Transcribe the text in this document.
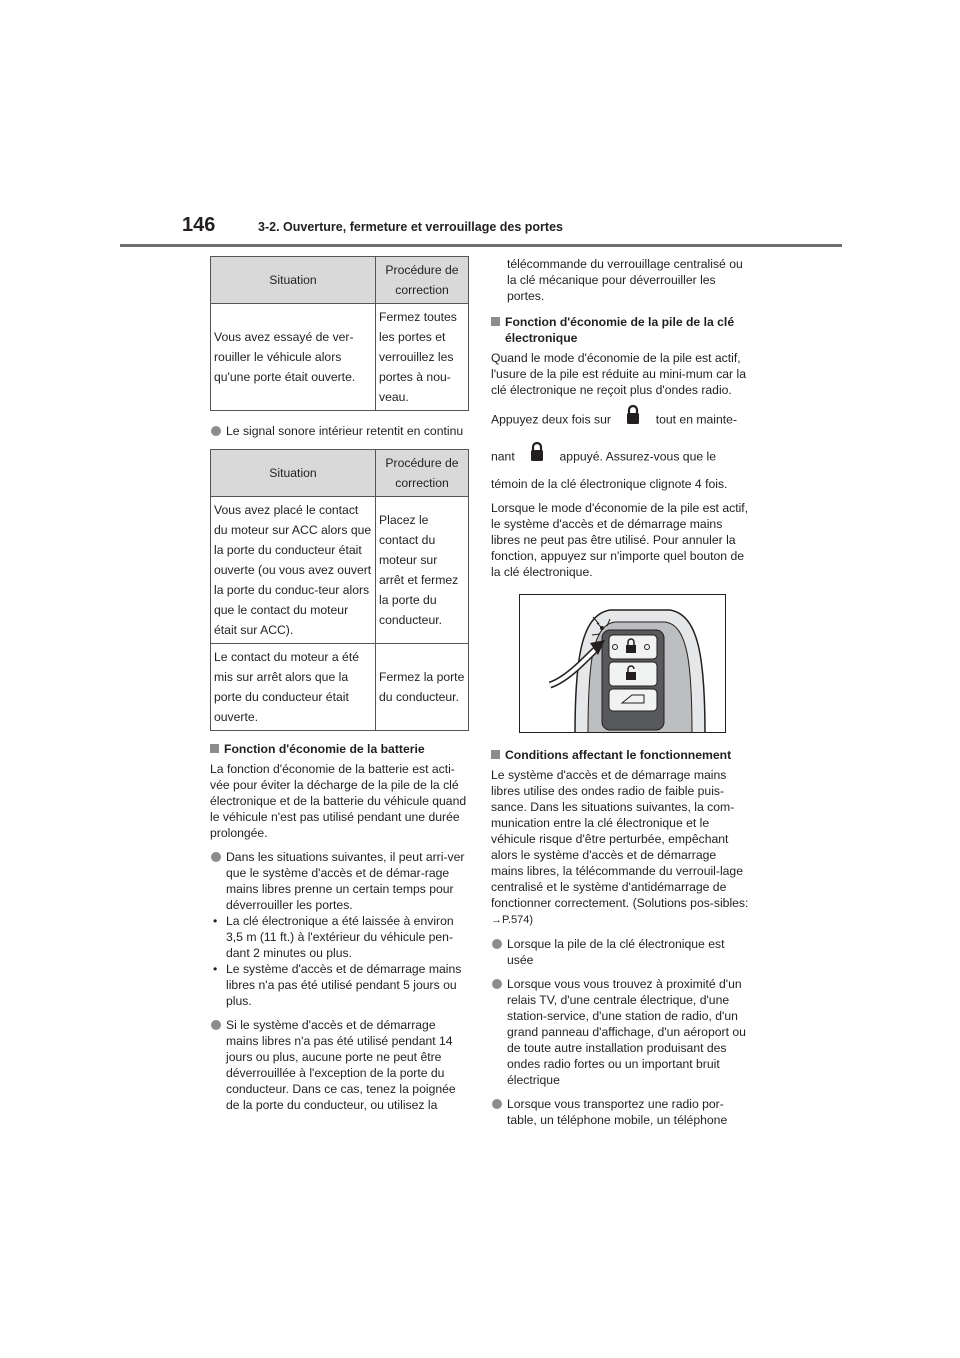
146	3-2. Ouverture, fermeture et verrouillage des portes
Situation	Procédure de correction
Vous avez essayé de ver-rouiller le véhicule alors qu'une porte était ouverte.	Fermez toutes les portes et verrouillez les portes à nou-veau.
Le signal sonore intérieur retentit en continu
Situation	Procédure de correction
Vous avez placé le contact du moteur sur ACC alors que la porte du conducteur était ouverte (ou vous avez ouvert la porte du conduc-teur alors que le contact du moteur était sur ACC).	Placez le contact du moteur sur arrêt et fermez la porte du conducteur.
Le contact du moteur a été mis sur arrêt alors que la porte du conducteur était ouverte.	Fermez la porte du conducteur.
Fonction d'économie de la batterie

La fonction d'économie de la batterie est acti-vée pour éviter la décharge de la pile de la clé électronique et de la batterie du véhicule quand le véhicule n'est pas utilisé pendant une durée prolongée.

Dans les situations suivantes, il peut arri-ver que le système d'accès et de démar-rage mains libres prenne un certain temps pour déverrouiller les portes.
• La clé électronique a été laissée à environ 3,5 m (11 ft.) à l'extérieur du véhicule pen-dant 2 minutes ou plus.
• Le système d'accès et de démarrage mains libres n'a pas été utilisé pendant 5 jours ou plus.
Si le système d'accès et de démarrage mains libres n'a pas été utilisé pendant 14 jours ou plus, aucune porte ne peut être déverrouillée à l'exception de la porte du conducteur. Dans ce cas, tenez la poignée de la porte du conducteur, ou utilisez la

télécommande du verrouillage centralisé ou la clé mécanique pour déverrouiller les portes.

Fonction d'économie de la pile de la clé électronique

Quand le mode d'économie de la pile est actif, l'usure de la pile est réduite au mini-mum car la clé électronique ne reçoit plus d'ondes radio.

Appuyez deux fois sur	tout en mainte-
nant	appuyé. Assurez-vous que le

témoin de la clé électronique clignote 4 fois.

Lorsque le mode d'économie de la pile est actif, le système d'accès et de démarrage mains libres ne peut pas être utilisé. Pour annuler la fonction, appuyez sur n'importe quel bouton de la clé électronique.

Conditions affectant le fonctionnement

Le système d'accès et de démarrage mains libres utilise des ondes radio de faible puis-sance. Dans les situations suivantes, la com-munication entre la clé électronique et le véhicule risque d'être perturbée, empêchant alors le système d'accès et de démarrage mains libres, la télécommande du verrouil-lage centralisé et le système d'antidémarrage de fonctionner correctement. (Solutions pos-sibles: →P.574)

Lorsque la pile de la clé électronique est usée
Lorsque vous vous trouvez à proximité d'un relais TV, d'une centrale électrique, d'une station-service, d'une station de radio, d'un grand panneau d'affichage, d'un aéroport ou de toute autre installation produisant des ondes radio fortes ou un important bruit électrique
Lorsque vous transportez une radio por-table, un téléphone mobile, un téléphone
